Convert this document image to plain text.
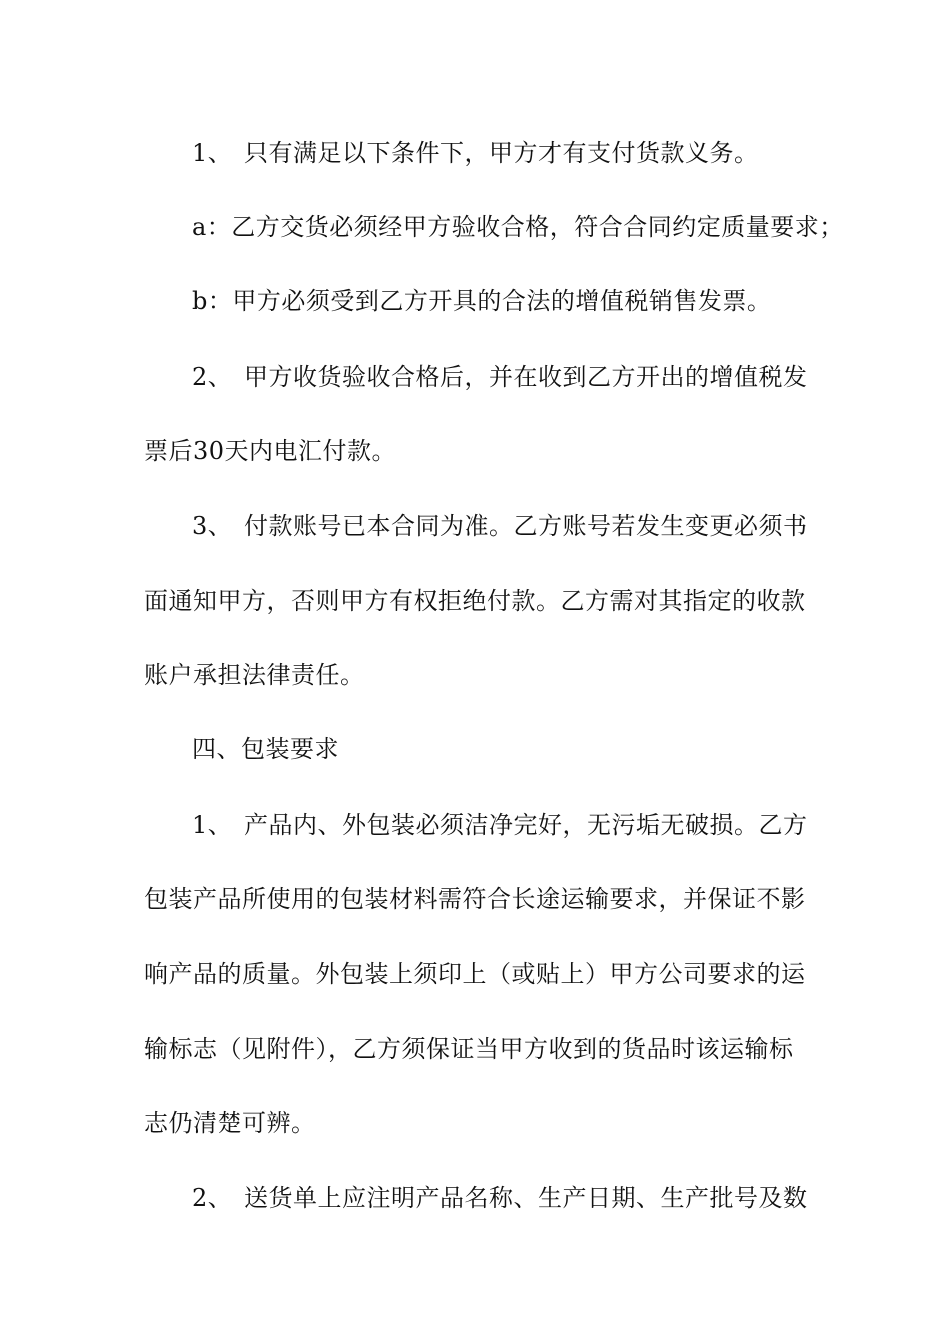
1、 只有满足以下条件下，甲方才有支付货款义务。
a：乙方交货必须经甲方验收合格，符合合同约定质量要求；
b：甲方必须受到乙方开具的合法的增值税销售发票。
2、 甲方收货验收合格后，并在收到乙方开出的增值税发
票后30天内电汇付款。
3、 付款账号已本合同为准。乙方账号若发生变更必须书
面通知甲方，否则甲方有权拒绝付款。乙方需对其指定的收款
账户承担法律责任。
四、包装要求
1、 产品内、外包装必须洁净完好，无污垢无破损。乙方
包装产品所使用的包装材料需符合长途运输要求，并保证不影
响产品的质量。外包装上须印上（或贴上）甲方公司要求的运
输标志（见附件），乙方须保证当甲方收到的货品时该运输标
志仍清楚可辨。
2、 送货单上应注明产品名称、生产日期、生产批号及数
